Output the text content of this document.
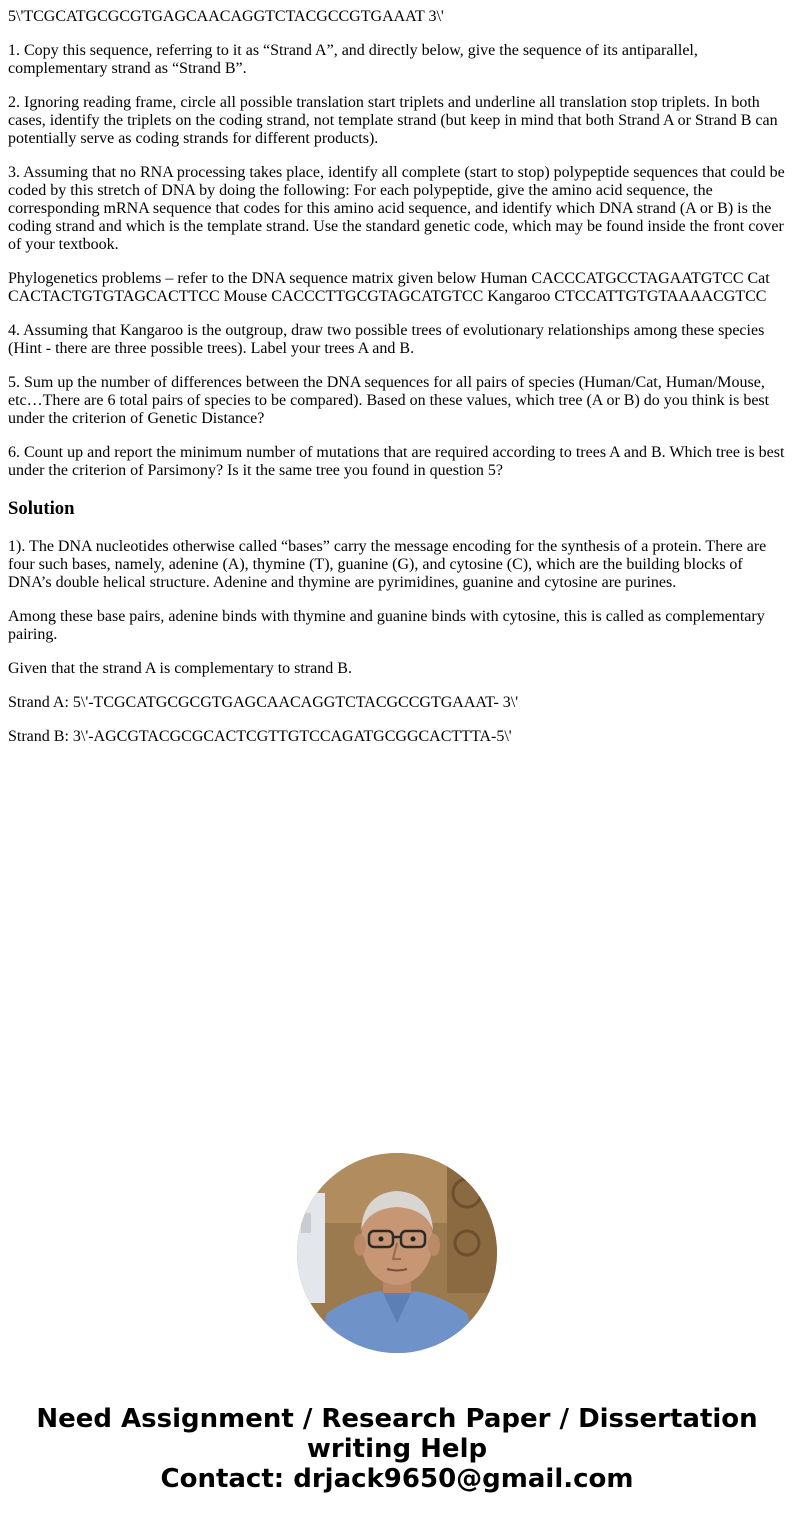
5\'TCGCATGCGCGTGAGCAACAGGTCTACGCCGTGAAAT 3\'

1. Copy this sequence, referring to it as “Strand A”, and directly below, give the sequence of its antiparallel, complementary strand as “Strand B”.

2. Ignoring reading frame, circle all possible translation start triplets and underline all translation stop triplets. In both cases, identify the triplets on the coding strand, not template strand (but keep in mind that both Strand A or Strand B can potentially serve as coding strands for different products).

3. Assuming that no RNA processing takes place, identify all complete (start to stop) polypeptide sequences that could be coded by this stretch of DNA by doing the following: For each polypeptide, give the amino acid sequence, the corresponding mRNA sequence that codes for this amino acid sequence, and identify which DNA strand (A or B) is the coding strand and which is the template strand. Use the standard genetic code, which may be found inside the front cover of your textbook.

Phylogenetics problems – refer to the DNA sequence matrix given below Human CACCCATGCCTAGAATGTCC Cat CACTACTGTGTAGCACTTCC Mouse CACCCTTGCGTAGCATGTCC Kangaroo CTCCATTGTGTAAAACGTCC

4. Assuming that Kangaroo is the outgroup, draw two possible trees of evolutionary relationships among these species (Hint - there are three possible trees). Label your trees A and B.

5. Sum up the number of differences between the DNA sequences for all pairs of species (Human/Cat, Human/Mouse, etc…There are 6 total pairs of species to be compared). Based on these values, which tree (A or B) do you think is best under the criterion of Genetic Distance?

6. Count up and report the minimum number of mutations that are required according to trees A and B. Which tree is best under the criterion of Parsimony? Is it the same tree you found in question 5?

Solution

1). The DNA nucleotides otherwise called “bases” carry the message encoding for the synthesis of a protein. There are four such bases, namely, adenine (A), thymine (T), guanine (G), and cytosine (C), which are the building blocks of DNA’s double helical structure. Adenine and thymine are pyrimidines, guanine and cytosine are purines.

Among these base pairs, adenine binds with thymine and guanine binds with cytosine, this is called as complementary pairing.

Given that the strand A is complementary to strand B.

Strand A: 5\'-TCGCATGCGCGTGAGCAACAGGTCTACGCCGTGAAAT- 3\'

Strand B: 3\'-AGCGTACGCGCACTCGTTGTCCAGATGCGGCACTTTA-5\'

Need Assignment / Research Paper / Dissertation
writing Help
Contact: drjack9650@gmail.com
